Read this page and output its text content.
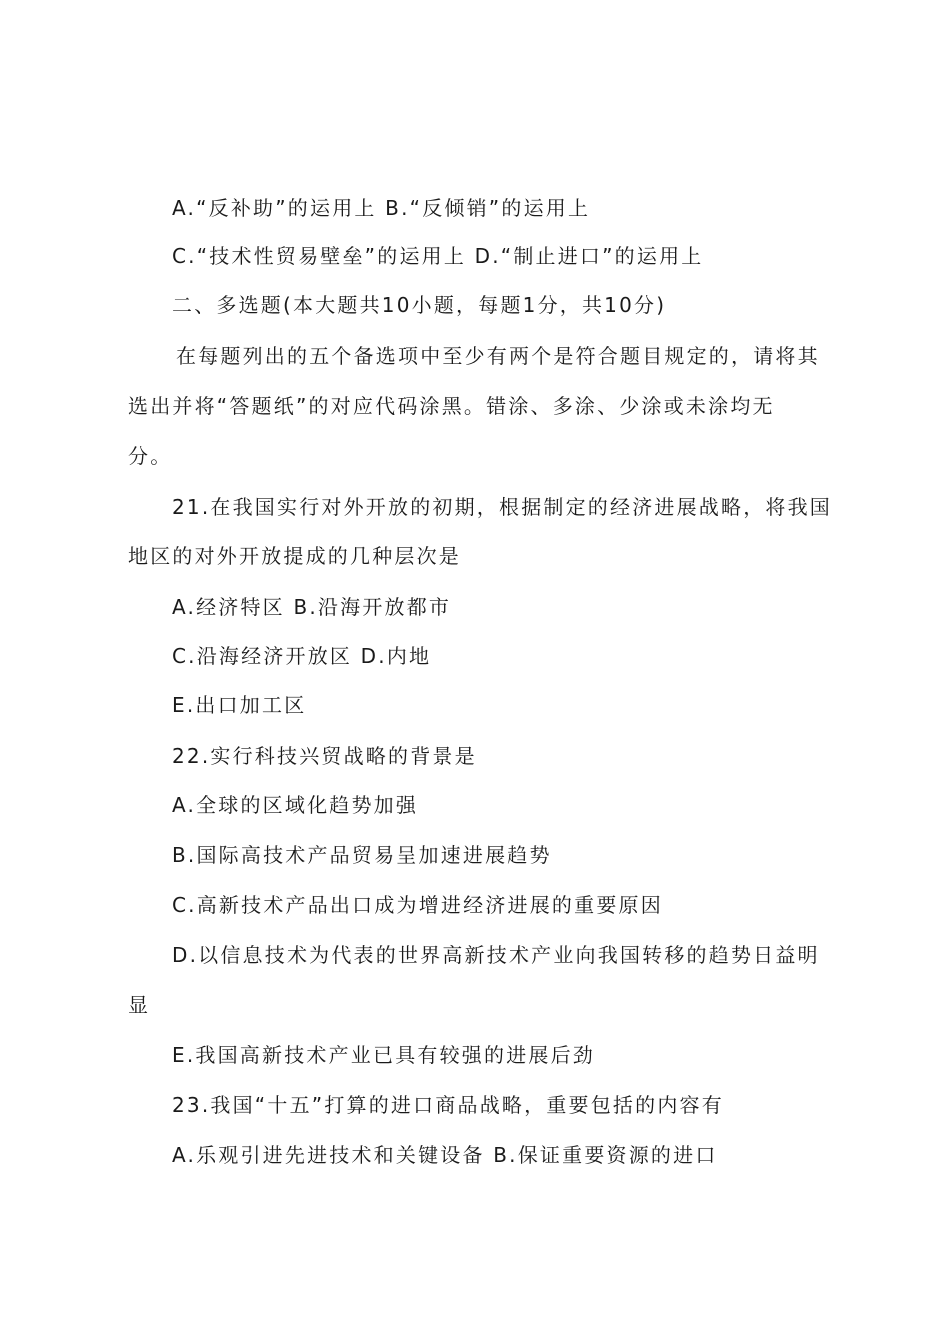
A.“反补助”的运用上 B.“反倾销”的运用上
C.“技术性贸易壁垒”的运用上 D.“制止进口”的运用上
二、多选题(本大题共10小题，每题1分，共10分)
在每题列出的五个备选项中至少有两个是符合题目规定的，请将其
选出并将“答题纸”的对应代码涂黑。错涂、多涂、少涂或未涂均无
分。
21.在我国实行对外开放的初期，根据制定的经济进展战略，将我国
地区的对外开放提成的几种层次是
A.经济特区 B.沿海开放都市
C.沿海经济开放区 D.内地
E.出口加工区
22.实行科技兴贸战略的背景是
A.全球的区域化趋势加强
B.国际高技术产品贸易呈加速进展趋势
C.高新技术产品出口成为增进经济进展的重要原因
D.以信息技术为代表的世界高新技术产业向我国转移的趋势日益明
显
E.我国高新技术产业已具有较强的进展后劲
23.我国“十五”打算的进口商品战略，重要包括的内容有
A.乐观引进先进技术和关键设备 B.保证重要资源的进口
